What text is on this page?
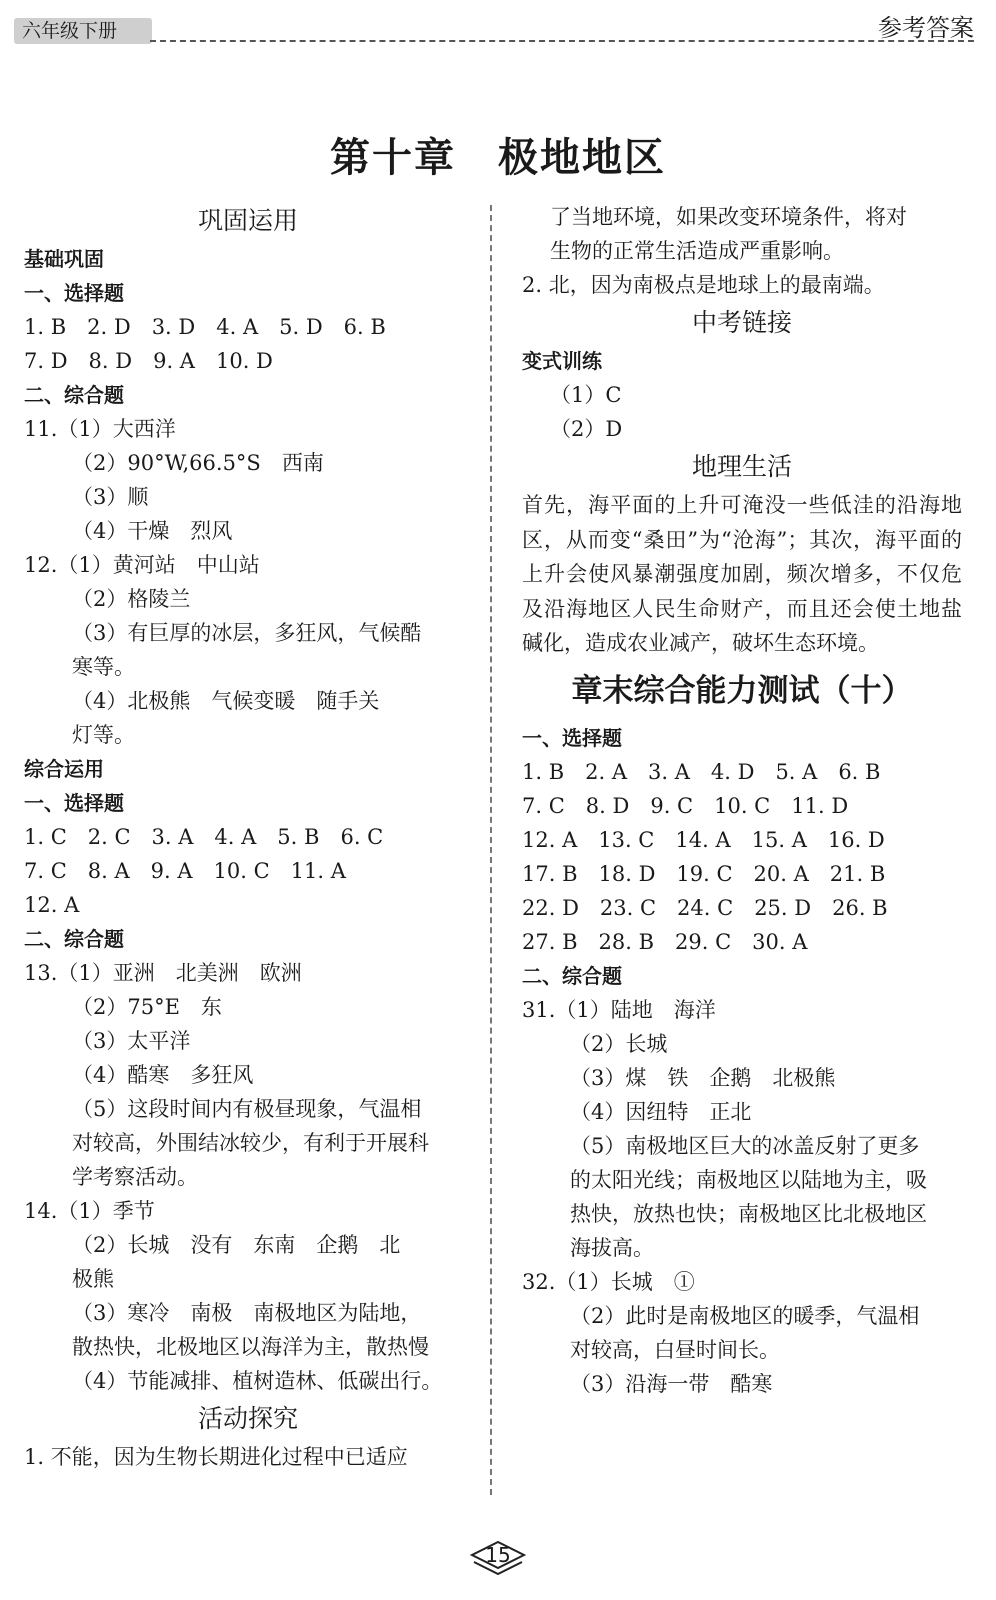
六年级下册	参考答案
第十章　极地地区
巩固运用
基础巩固
一、选择题
1. B　2. D　3. D　4. A　5. D　6. B
7. D　8. D　9. A　10. D
二、综合题
11.（1）大西洋
（2）90°W,66.5°S　西南
（3）顺
（4）干燥　烈风
12.（1）黄河站　中山站
（2）格陵兰
（3）有巨厚的冰层，多狂风，气候酷
寒等。
（4）北极熊　气候变暖　随手关
灯等。
综合运用
一、选择题
1. C　2. C　3. A　4. A　5. B　6. C
7. C　8. A　9. A　10. C　11. A
12. A
二、综合题
13.（1）亚洲　北美洲　欧洲
（2）75°E　东
（3）太平洋
（4）酷寒　多狂风
（5）这段时间内有极昼现象，气温相
对较高，外围结冰较少，有利于开展科
学考察活动。
14.（1）季节
（2）长城　没有　东南　企鹅　北
极熊
（3）寒冷　南极　南极地区为陆地，
散热快，北极地区以海洋为主，散热慢
（4）节能减排、植树造林、低碳出行。
活动探究
1. 不能，因为生物长期进化过程中已适应
了当地环境，如果改变环境条件，将对
生物的正常生活造成严重影响。
2. 北，因为南极点是地球上的最南端。
中考链接
变式训练
（1）C
（2）D
地理生活
首先，海平面的上升可淹没一些低洼的沿海地区，从而变“桑田”为“沧海”；其次，海平面的上升会使风暴潮强度加剧，频次增多，不仅危及沿海地区人民生命财产，而且还会使土地盐碱化，造成农业减产，破坏生态环境。
章末综合能力测试（十）
一、选择题
1. B　2. A　3. A　4. D　5. A　6. B
7. C　8. D　9. C　10. C　11. D
12. A　13. C　14. A　15. A　16. D
17. B　18. D　19. C　20. A　21. B
22. D　23. C　24. C　25. D　26. B
27. B　28. B　29. C　30. A
二、综合题
31.（1）陆地　海洋
（2）长城
（3）煤　铁　企鹅　北极熊
（4）因纽特　正北
（5）南极地区巨大的冰盖反射了更多
的太阳光线；南极地区以陆地为主，吸
热快，放热也快；南极地区比北极地区
海拔高。
32.（1）长城　①
（2）此时是南极地区的暖季，气温相
对较高，白昼时间长。
（3）沿海一带　酷寒
15
